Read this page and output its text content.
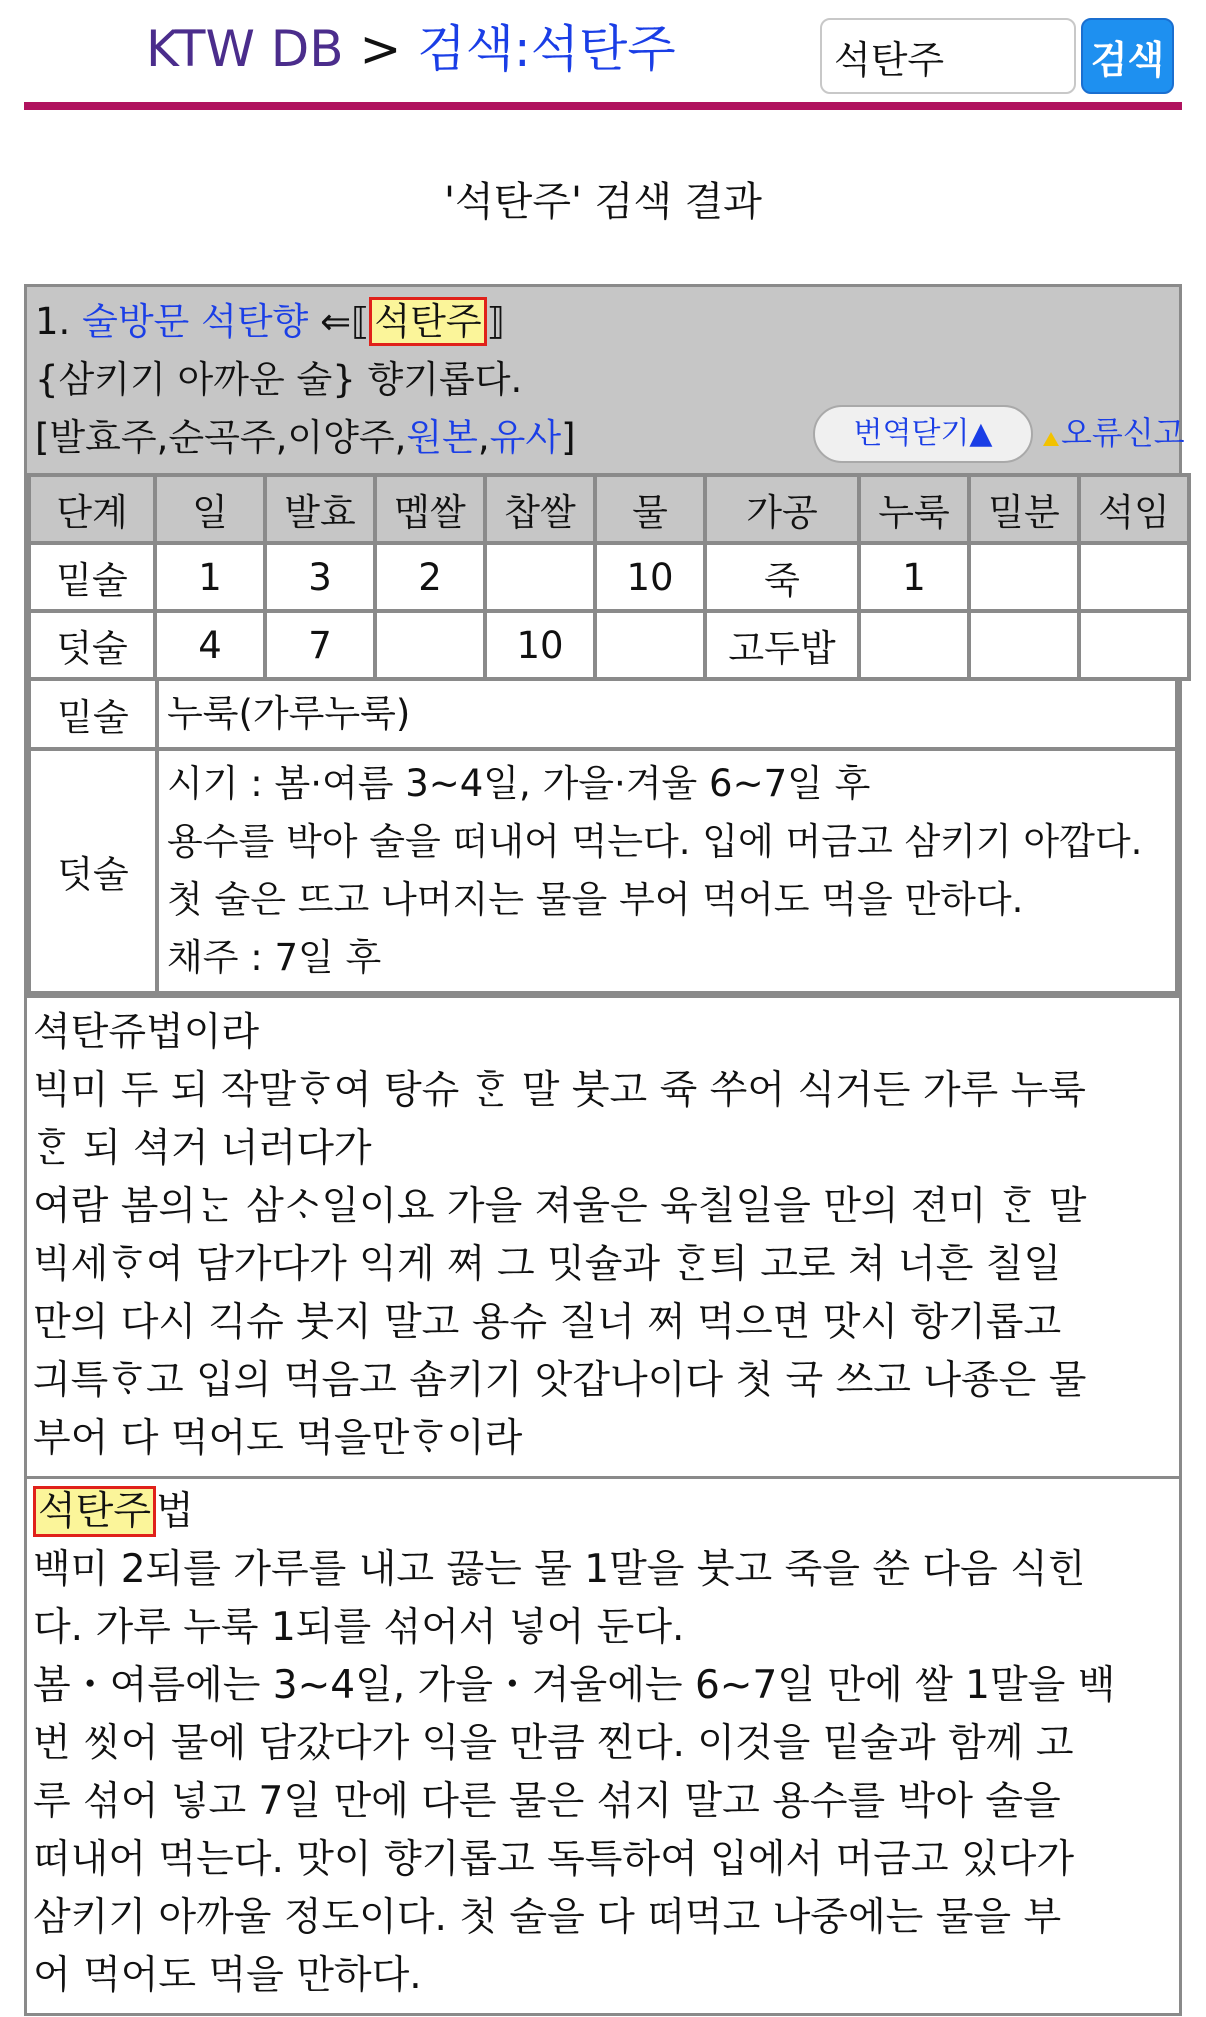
KTW DB > 검색:석탄주
석탄주	검색
'석탄주' 검색 결과
1. 술방문 석탄향 ⇐⟦ 석탄주 ⟧
{삼키기 아까운 술} 향기롭다.
[발효주,순곡주,이양주,원본,유사]	번역닫기▲	오류신고
단계	일	발효	멥쌀	찹쌀	물	가공	누룩	밀분	석임
밑술	1	3	2		10	죽	1		
덧술	4	7		10		고두밥			
밑술	누룩(가루누룩)

덧술	시기 : 봄·여름 3~4일, 가을·겨울 6~7일 후
용수를 박아 술을 떠내어 먹는다. 입에 머금고 삼키기 아깝다.
첫 술은 뜨고 나머지는 물을 부어 먹어도 먹을 만하다.
채주 : 7일 후
셕탄쥬법이라
빅미 두 되 작말ᄒᆞ여 탕슈 ᄒᆞᆫ 말 붓고 쥭 쑤어 식거든 가루 누룩
ᄒᆞᆫ 되 셕거 너러다가
여람 봄의ᄂᆞᆫ 삼ᄉᆞ일이요 가을 져울은 육칠일을 만의 젼미 ᄒᆞᆫ 말
빅세ᄒᆞ여 담가다가 익게 쪄 그 밋슐과 ᄒᆞᆫ틔 고로 쳐 너흔 칠일
만의 다시 긱슈 붓지 말고 용슈 질너 쩌 먹으면 맛시 항기롭고
긔특ᄒᆞ고 입의 먹음고 숌키기 앗갑나이다 첫 국 쓰고 나죵은 물
부어 다 먹어도 먹을만ᄒᆞ이라
석탄주 법
백미 2되를 가루를 내고 끓는 물 1말을 붓고 죽을 쑨 다음 식힌
다. 가루 누룩 1되를 섞어서 넣어 둔다.
봄・여름에는 3~4일, 가을・겨울에는 6~7일 만에 쌀 1말을 백
번 씻어 물에 담갔다가 익을 만큼 찐다. 이것을 밑술과 함께 고
루 섞어 넣고 7일 만에 다른 물은 섞지 말고 용수를 박아 술을
떠내어 먹는다. 맛이 향기롭고 독특하여 입에서 머금고 있다가
삼키기 아까울 정도이다. 첫 술을 다 떠먹고 나중에는 물을 부
어 먹어도 먹을 만하다.
